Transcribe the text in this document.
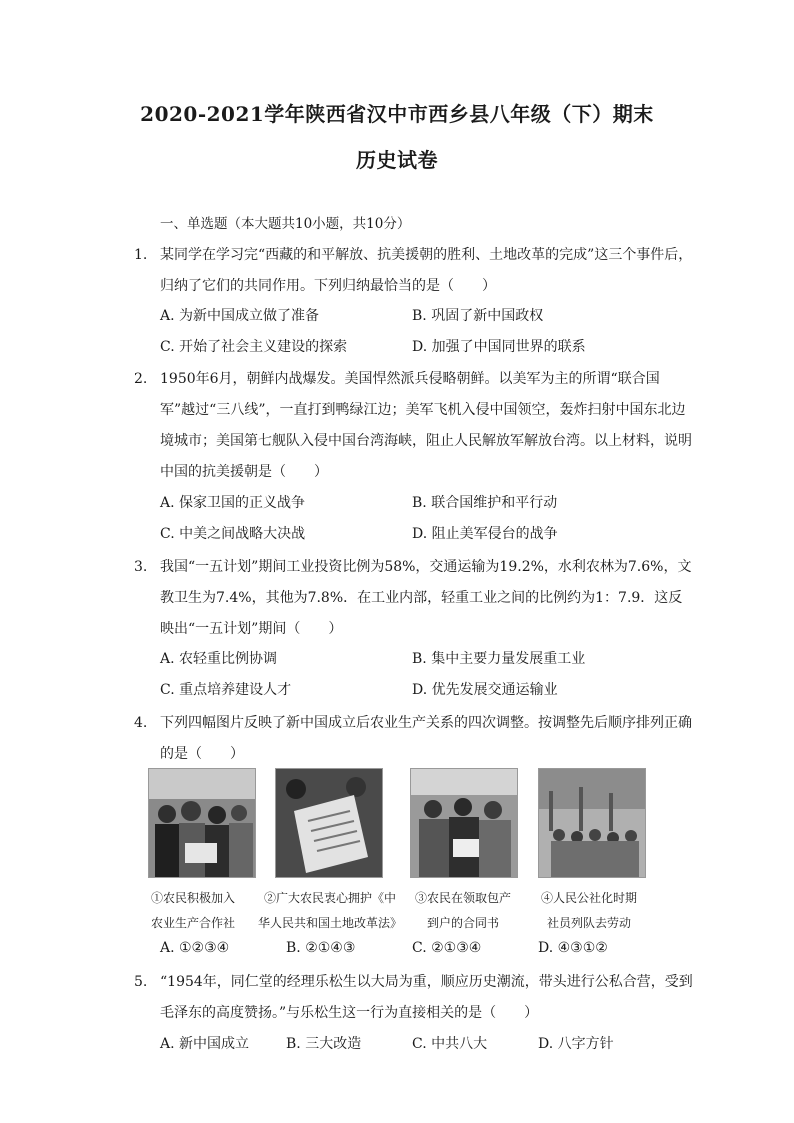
2020-2021学年陕西省汉中市西乡县八年级（下）期末
历史试卷
一、单选题（本大题共10小题，共10分）
1. 某同学在学习完“西藏的和平解放、抗美援朝的胜利、土地改革的完成”这三个事件后，归纳了它们的共同作用。下列归纳最恰当的是（　　）
A. 为新中国成立做了准备	B. 巩固了新中国政权
C. 开始了社会主义建设的探索	D. 加强了中国同世界的联系
2. 1950年6月，朝鲜内战爆发。美国悍然派兵侵略朝鲜。以美军为主的所谓“联合国军”越过“三八线”，一直打到鸭绿江边；美军飞机入侵中国领空，轰炸扫射中国东北边境城市；美国第七舰队入侵中国台湾海峡，阻止人民解放军解放台湾。以上材料，说明中国的抗美援朝是（　　）
A. 保家卫国的正义战争	B. 联合国维护和平行动
C. 中美之间战略大决战	D. 阻止美军侵台的战争
3. 我国“一五计划”期间工业投资比例为58%，交通运输为19.2%，水利农林为7.6%，文教卫生为7.4%，其他为7.8%．在工业内部，轻重工业之间的比例约为1：7.9．这反映出“一五计划”期间（　　）
A. 农轻重比例协调	B. 集中主要力量发展重工业
C. 重点培养建设人才	D. 优先发展交通运输业
4. 下列四幅图片反映了新中国成立后农业生产关系的四次调整。按调整先后顺序排列正确的是（　　）
①农民积极加入
农业生产合作社
②广大农民衷心拥护《中
华人民共和国土地改革法》
③农民在领取包产
到户的合同书
④人民公社化时期
社员列队去劳动
A. ①②③④	B. ②①④③	C. ②①③④	D. ④③①②
5. “1954年，同仁堂的经理乐松生以大局为重，顺应历史潮流，带头进行公私合营，受到毛泽东的高度赞扬。”与乐松生这一行为直接相关的是（　　）
A. 新中国成立	B. 三大改造	C. 中共八大	D. 八字方针
